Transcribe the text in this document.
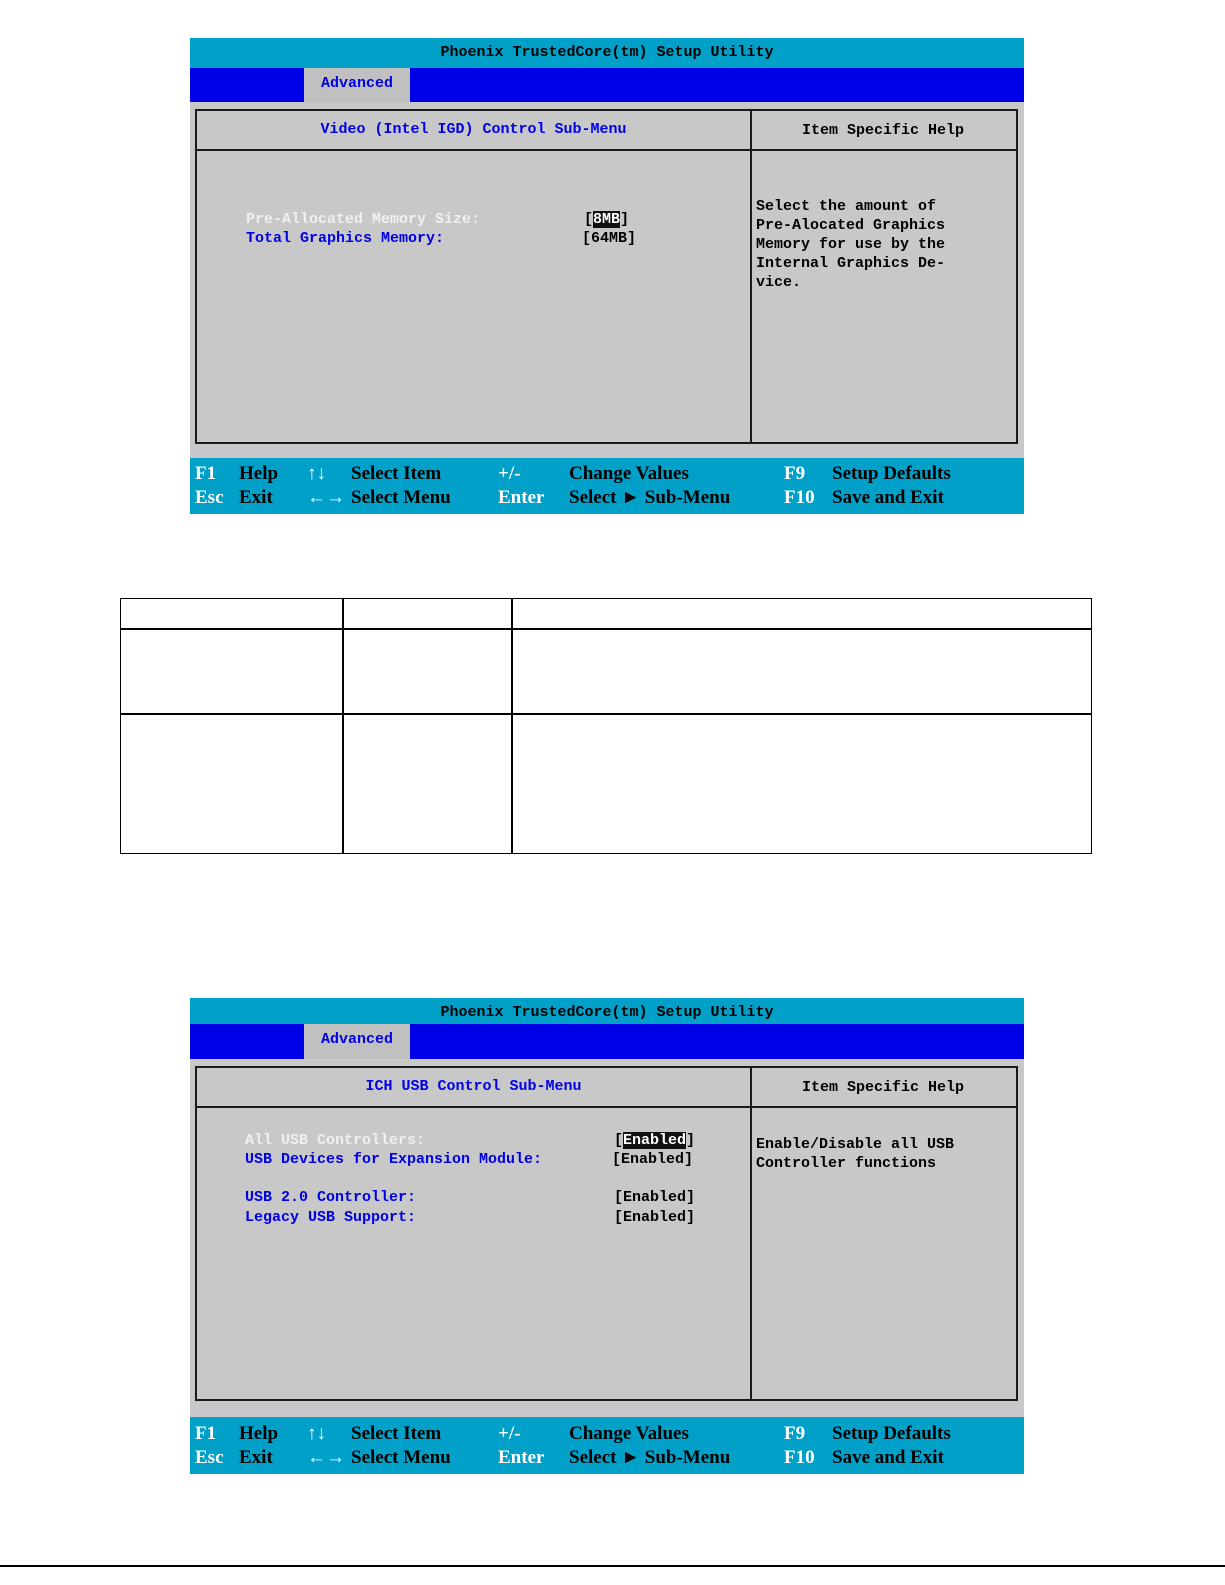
Phoenix TrustedCore(tm) Setup Utility
Advanced
Video (Intel IGD) Control Sub-Menu	Item Specific Help
Pre-Allocated Memory Size:	[8MB]
Total Graphics Memory:	[64MB]
Select the amount of
Pre-Alocated Graphics
Memory for use by the
Internal Graphics De-
vice.
F1 Help ↑↓ Select Item	+/-	Change Values	F9 Setup Defaults
Esc Exit ←→ Select Menu Enter Select ► Sub-Menu	F10 Save and Exit
Phoenix TrustedCore(tm) Setup Utility
Advanced
ICH USB Control Sub-Menu	Item Specific Help
All USB Controllers:	[Enabled]
USB Devices for Expansion Module:	[Enabled]
USB 2.0 Controller:	[Enabled]
Legacy USB Support:	[Enabled]
Enable/Disable all USB
Controller functions
F1 Help ↑↓ Select Item	+/-	Change Values	F9 Setup Defaults
Esc Exit ←→ Select Menu Enter Select ► Sub-Menu	F10 Save and Exit
